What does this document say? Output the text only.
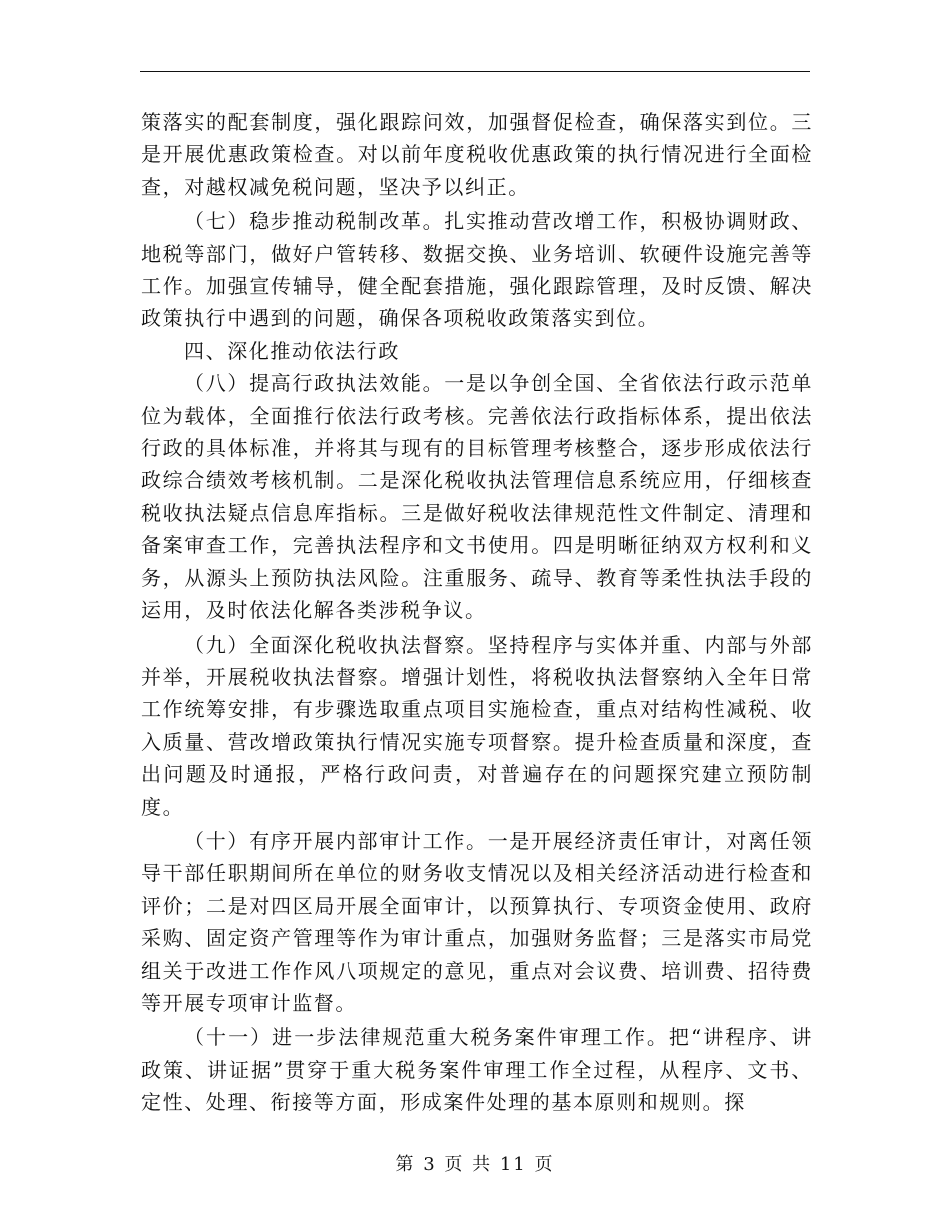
策落实的配套制度，强化跟踪问效，加强督促检查，确保落实到位。三是开展优惠政策检查。对以前年度税收优惠政策的执行情况进行全面检查，对越权减免税问题，坚决予以纠正。

（七）稳步推动税制改革。扎实推动营改增工作，积极协调财政、地税等部门，做好户管转移、数据交换、业务培训、软硬件设施完善等工作。加强宣传辅导，健全配套措施，强化跟踪管理，及时反馈、解决政策执行中遇到的问题，确保各项税收政策落实到位。

四、深化推动依法行政

（八）提高行政执法效能。一是以争创全国、全省依法行政示范单位为载体，全面推行依法行政考核。完善依法行政指标体系，提出依法行政的具体标准，并将其与现有的目标管理考核整合，逐步形成依法行政综合绩效考核机制。二是深化税收执法管理信息系统应用，仔细核查税收执法疑点信息库指标。三是做好税收法律规范性文件制定、清理和备案审查工作，完善执法程序和文书使用。四是明晰征纳双方权利和义务，从源头上预防执法风险。注重服务、疏导、教育等柔性执法手段的运用，及时依法化解各类涉税争议。

（九）全面深化税收执法督察。坚持程序与实体并重、内部与外部并举，开展税收执法督察。增强计划性，将税收执法督察纳入全年日常工作统筹安排，有步骤选取重点项目实施检查，重点对结构性减税、收入质量、营改增政策执行情况实施专项督察。提升检查质量和深度，查出问题及时通报，严格行政问责，对普遍存在的问题探究建立预防制度。

（十）有序开展内部审计工作。一是开展经济责任审计，对离任领导干部任职期间所在单位的财务收支情况以及相关经济活动进行检查和评价；二是对四区局开展全面审计，以预算执行、专项资金使用、政府采购、固定资产管理等作为审计重点，加强财务监督；三是落实市局党组关于改进工作作风八项规定的意见，重点对会议费、培训费、招待费等开展专项审计监督。

（十一）进一步法律规范重大税务案件审理工作。把“讲程序、讲政策、讲证据”贯穿于重大税务案件审理工作全过程，从程序、文书、定性、处理、衔接等方面，形成案件处理的基本原则和规则。探

第 3 页 共 11 页
